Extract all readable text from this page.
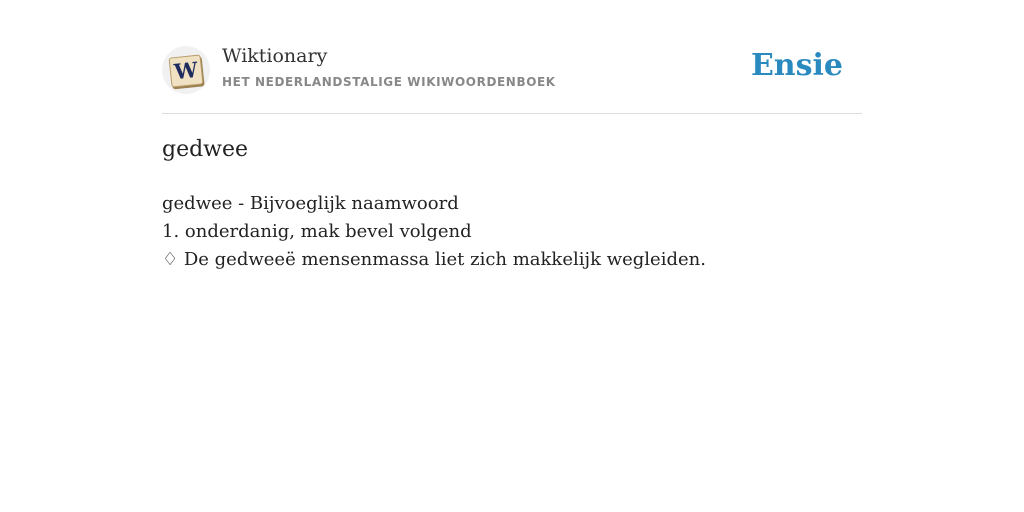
W
Wiktionary
HET NEDERLANDSTALIGE WIKIWOORDENBOEK	Ensie
gedwee
gedwee - Bijvoeglijk naamwoord
1. onderdanig, mak bevel volgend
♢ De gedweeë mensenmassa liet zich makkelijk wegleiden.
